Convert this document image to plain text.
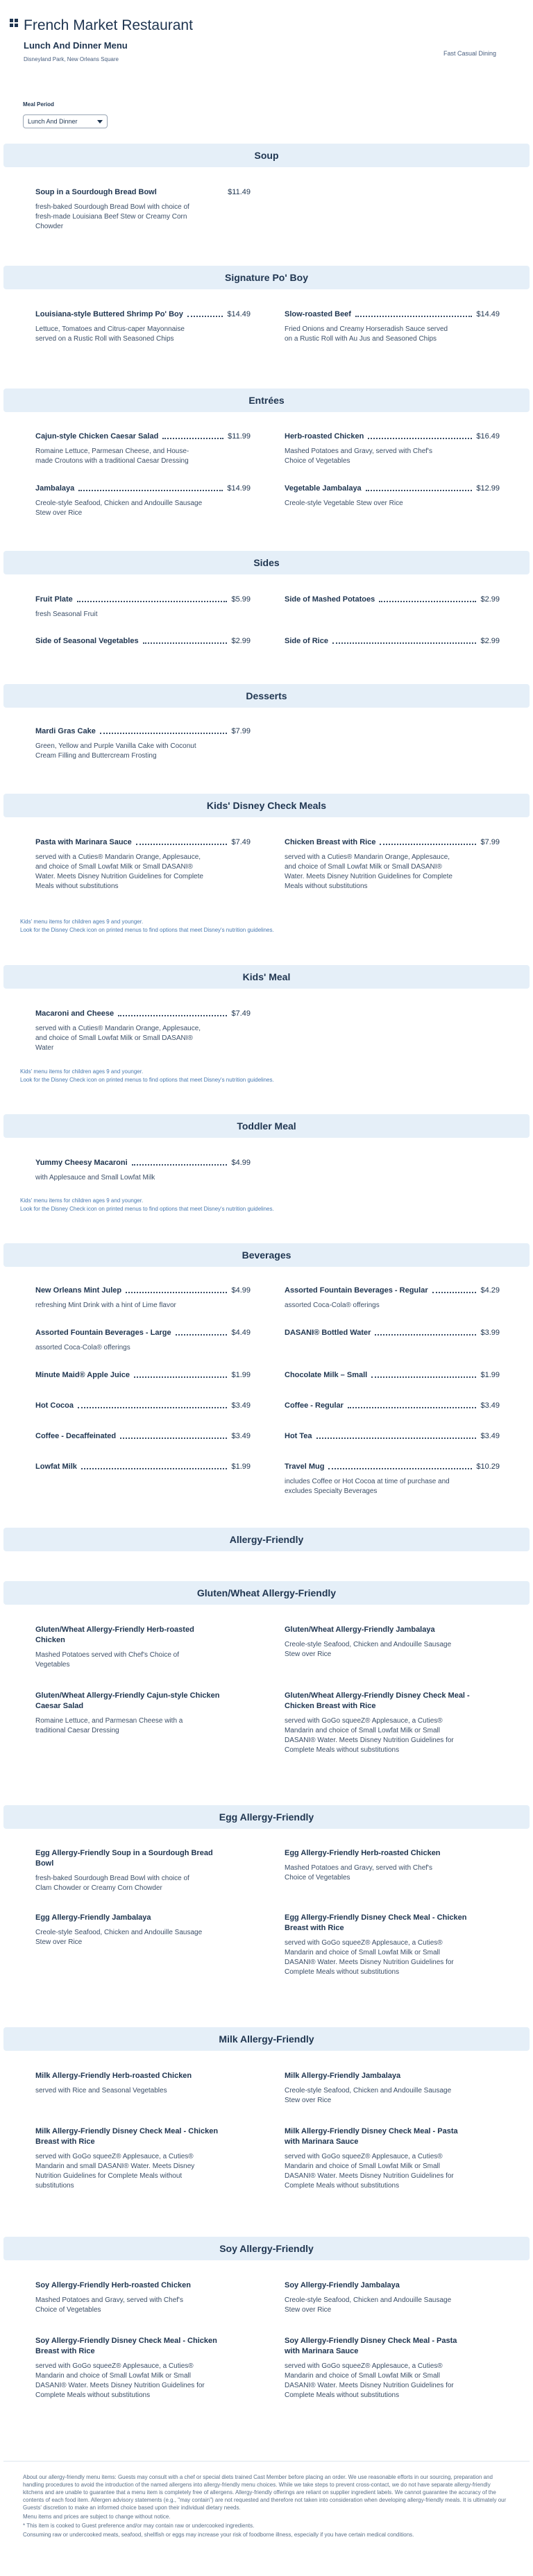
French Market Restaurant
Lunch And Dinner Menu
Disneyland Park, New Orleans Square
Fast Casual Dining
Meal Period
Lunch And Dinner
Soup
Soup in a Sourdough Bread Bowl	$11.49
fresh-baked Sourdough Bread Bowl with choice of fresh-made Louisiana Beef Stew or Creamy Corn Chowder
Signature Po' Boy
Louisiana-style Buttered Shrimp Po' Boy	$14.49
Lettuce, Tomatoes and Citrus-caper Mayonnaise served on a Rustic Roll with Seasoned Chips
Slow-roasted Beef	$14.49
Fried Onions and Creamy Horseradish Sauce served on a Rustic Roll with Au Jus and Seasoned Chips
Entrées
Cajun-style Chicken Caesar Salad	$11.99
Romaine Lettuce, Parmesan Cheese, and House-made Croutons with a traditional Caesar Dressing
Herb-roasted Chicken	$16.49
Mashed Potatoes and Gravy, served with Chef's Choice of Vegetables
Jambalaya	$14.99
Creole-style Seafood, Chicken and Andouille Sausage Stew over Rice
Vegetable Jambalaya	$12.99
Creole-style Vegetable Stew over Rice
Sides
Fruit Plate	$5.99
fresh Seasonal Fruit
Side of Mashed Potatoes	$2.99
Side of Seasonal Vegetables	$2.99	Side of Rice	$2.99
Desserts
Mardi Gras Cake	$7.99
Green, Yellow and Purple Vanilla Cake with Coconut Cream Filling and Buttercream Frosting
Kids' Disney Check Meals
Pasta with Marinara Sauce	$7.49
served with a Cuties® Mandarin Orange, Applesauce, and choice of Small Lowfat Milk or Small DASANI® Water. Meets Disney Nutrition Guidelines for Complete Meals without substitutions
Chicken Breast with Rice	$7.99
served with a Cuties® Mandarin Orange, Applesauce, and choice of Small Lowfat Milk or Small DASANI® Water. Meets Disney Nutrition Guidelines for Complete Meals without substitutions
Kids' menu items for children ages 9 and younger.
Look for the Disney Check icon on printed menus to find options that meet Disney's nutrition guidelines.
Kids' Meal
Macaroni and Cheese	$7.49
served with a Cuties® Mandarin Orange, Applesauce, and choice of Small Lowfat Milk or Small DASANI® Water
Kids' menu items for children ages 9 and younger.
Look for the Disney Check icon on printed menus to find options that meet Disney's nutrition guidelines.
Toddler Meal
Yummy Cheesy Macaroni	$4.99
with Applesauce and Small Lowfat Milk
Kids' menu items for children ages 9 and younger.
Look for the Disney Check icon on printed menus to find options that meet Disney's nutrition guidelines.
Beverages
New Orleans Mint Julep	$4.99
refreshing Mint Drink with a hint of Lime flavor
Assorted Fountain Beverages - Regular	$4.29
assorted Coca-Cola® offerings
Assorted Fountain Beverages - Large	$4.49
assorted Coca-Cola® offerings
DASANI® Bottled Water	$3.99
Minute Maid® Apple Juice	$1.99	Chocolate Milk – Small	$1.99
Hot Cocoa	$3.49	Coffee - Regular	$3.49
Coffee - Decaffeinated	$3.49	Hot Tea	$3.49
Lowfat Milk	$1.99	Travel Mug	$10.29
includes Coffee or Hot Cocoa at time of purchase and excludes Specialty Beverages
Allergy-Friendly
Gluten/Wheat Allergy-Friendly
Gluten/Wheat Allergy-Friendly Herb-roasted Chicken
Mashed Potatoes served with Chef's Choice of Vegetables
Gluten/Wheat Allergy-Friendly Jambalaya
Creole-style Seafood, Chicken and Andouille Sausage Stew over Rice
Gluten/Wheat Allergy-Friendly Cajun-style Chicken Caesar Salad
Romaine Lettuce, and Parmesan Cheese with a traditional Caesar Dressing
Gluten/Wheat Allergy-Friendly Disney Check Meal - Chicken Breast with Rice
served with GoGo squeeZ® Applesauce, a Cuties® Mandarin and choice of Small Lowfat Milk or Small DASANI® Water. Meets Disney Nutrition Guidelines for Complete Meals without substitutions
Egg Allergy-Friendly
Egg Allergy-Friendly Soup in a Sourdough Bread Bowl
fresh-baked Sourdough Bread Bowl with choice of Clam Chowder or Creamy Corn Chowder
Egg Allergy-Friendly Herb-roasted Chicken
Mashed Potatoes and Gravy, served with Chef's Choice of Vegetables
Egg Allergy-Friendly Jambalaya
Creole-style Seafood, Chicken and Andouille Sausage Stew over Rice
Egg Allergy-Friendly Disney Check Meal - Chicken Breast with Rice
served with GoGo squeeZ® Applesauce, a Cuties® Mandarin and choice of Small Lowfat Milk or Small DASANI® Water. Meets Disney Nutrition Guidelines for Complete Meals without substitutions
Milk Allergy-Friendly
Milk Allergy-Friendly Herb-roasted Chicken
served with Rice and Seasonal Vegetables
Milk Allergy-Friendly Jambalaya
Creole-style Seafood, Chicken and Andouille Sausage Stew over Rice
Milk Allergy-Friendly Disney Check Meal - Chicken Breast with Rice
served with GoGo squeeZ® Applesauce, a Cuties® Mandarin and small DASANI® Water. Meets Disney Nutrition Guidelines for Complete Meals without substitutions
Milk Allergy-Friendly Disney Check Meal - Pasta with Marinara Sauce
served with GoGo squeeZ® Applesauce, a Cuties® Mandarin and choice of Small Lowfat Milk or Small DASANI® Water. Meets Disney Nutrition Guidelines for Complete Meals without substitutions
Soy Allergy-Friendly
Soy Allergy-Friendly Herb-roasted Chicken
Mashed Potatoes and Gravy, served with Chef's Choice of Vegetables
Soy Allergy-Friendly Jambalaya
Creole-style Seafood, Chicken and Andouille Sausage Stew over Rice
Soy Allergy-Friendly Disney Check Meal - Chicken Breast with Rice
served with GoGo squeeZ® Applesauce, a Cuties® Mandarin and choice of Small Lowfat Milk or Small DASANI® Water. Meets Disney Nutrition Guidelines for Complete Meals without substitutions
Soy Allergy-Friendly Disney Check Meal - Pasta with Marinara Sauce
served with GoGo squeeZ® Applesauce, a Cuties® Mandarin and choice of Small Lowfat Milk or Small DASANI® Water. Meets Disney Nutrition Guidelines for Complete Meals without substitutions

About our allergy-friendly menu items: Guests may consult with a chef or special diets trained Cast Member before placing an order. We use reasonable efforts in our sourcing, preparation and handling procedures to avoid the introduction of the named allergens into allergy-friendly menu choices. While we take steps to prevent cross-contact, we do not have separate allergy-friendly kitchens and are unable to guarantee that a menu item is completely free of allergens. Allergy-friendly offerings are reliant on supplier ingredient labels. We cannot guarantee the accuracy of the contents of each food item. Allergen advisory statements (e.g., "may contain") are not requested and therefore not taken into consideration when developing allergy-friendly meals. It is ultimately our Guests' discretion to make an informed choice based upon their individual dietary needs.

Menu items and prices are subject to change without notice.

* This item is cooked to Guest preference and/or may contain raw or undercooked ingredients.

Consuming raw or undercooked meats, seafood, shellfish or eggs may increase your risk of foodborne illness, especially if you have certain medical conditions.
